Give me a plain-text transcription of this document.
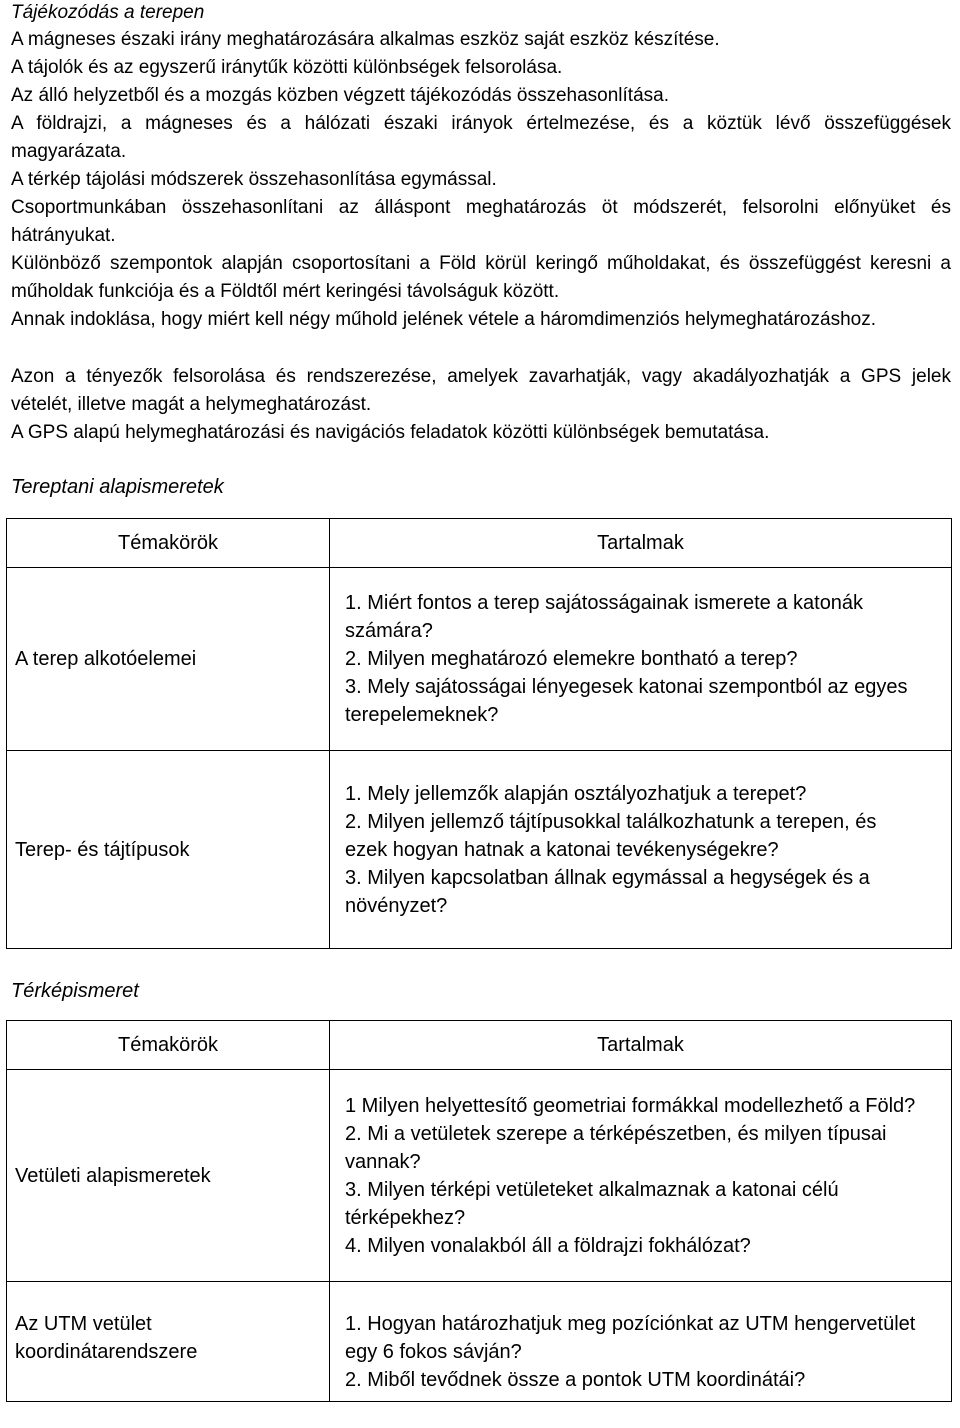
Tájékozódás a terepen

A mágneses északi irány meghatározására alkalmas eszköz saját eszköz készítése.

A tájolók és az egyszerű iránytűk közötti különbségek felsorolása.

Az álló helyzetből és a mozgás közben végzett tájékozódás összehasonlítása.

A földrajzi, a mágneses és a hálózati északi irányok értelmezése, és a köztük lévő összefüggések magyarázata.

A térkép tájolási módszerek összehasonlítása egymással.

Csoportmunkában összehasonlítani az álláspont meghatározás öt módszerét, felsorolni előnyüket és hátrányukat.

Különböző szempontok alapján csoportosítani a Föld körül keringő műholdakat, és összefüggést keresni a műholdak funkciója és a Földtől mért keringési távolságuk között.

Annak indoklása, hogy miért kell négy műhold jelének vétele a háromdimenziós helymeghatározáshoz.

Azon a tényezők felsorolása és rendszerezése, amelyek zavarhatják, vagy akadályozhatják a GPS jelek vételét, illetve magát a helymeghatározást.

A GPS alapú helymeghatározási és navigációs feladatok közötti különbségek bemutatása.

Tereptani alapismeretek

Témakörök	Tartalmak
A terep alkotóelemei	1. Miért fontos a terep sajátosságainak ismerete a katonák számára?

2. Milyen meghatározó elemekre bontható a terep?

3. Mely sajátosságai lényegesek katonai szempontból az egyes terepelemeknek?

Terep- és tájtípusok	1. Mely jellemzők alapján osztályozhatjuk a terepet?

2. Milyen jellemző tájtípusokkal találkozhatunk a terepen, és ezek hogyan hatnak a katonai tevékenységekre?

3. Milyen kapcsolatban állnak egymással a hegységek és a növényzet?

Térképismeret

Témakörök	Tartalmak
Vetületi alapismeretek	1 Milyen helyettesítő geometriai formákkal modellezhető a Föld?

2. Mi a vetületek szerepe a térképészetben, és milyen típusai vannak?

3. Milyen térképi vetületeket alkalmaznak a katonai célú térképekhez?

4. Milyen vonalakból áll a földrajzi fokhálózat?

Az UTM vetület koordinátarendszere	1. Hogyan határozhatjuk meg pozíciónkat az UTM hengervetület egy 6 fokos sávján?

2. Miből tevődnek össze a pontok UTM koordinátái?
